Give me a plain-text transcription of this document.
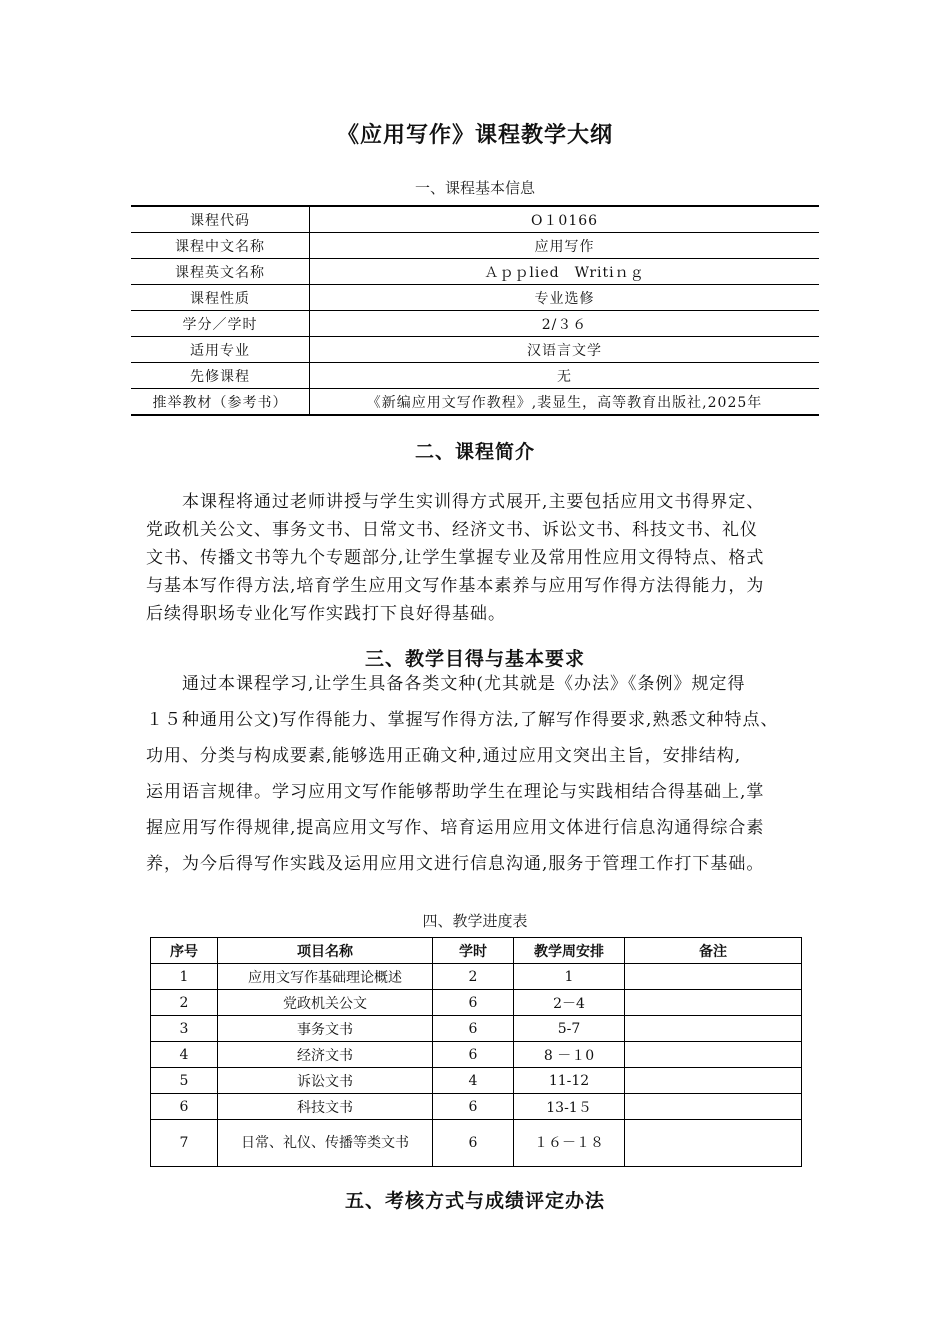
《应用写作》课程教学大纲
一、课程基本信息
课程代码	O１0166
课程中文名称	应用写作
课程英文名称	Ａｐｐlied　Writiｎｇ
课程性质	专业选修
学分／学时	2/３６
适用专业	汉语言文学
先修课程	无
推举教材（参考书）	《新编应用文写作教程》,裴显生，高等教育出版社,2025年
二、课程简介
本课程将通过老师讲授与学生实训得方式展开,主要包括应用文书得界定、
党政机关公文、事务文书、日常文书、经济文书、诉讼文书、科技文书、礼仪
文书、传播文书等九个专题部分,让学生掌握专业及常用性应用文得特点、格式
与基本写作得方法,培育学生应用文写作基本素养与应用写作得方法得能力，为
后续得职场专业化写作实践打下良好得基础。
三、教学目得与基本要求
通过本课程学习,让学生具备各类文种(尤其就是《办法》《条例》规定得
１５种通用公文)写作得能力、掌握写作得方法,了解写作得要求,熟悉文种特点、
功用、分类与构成要素,能够选用正确文种,通过应用文突出主旨，安排结构,
运用语言规律。学习应用文写作能够帮助学生在理论与实践相结合得基础上,掌
握应用写作得规律,提高应用文写作、培育运用应用文体进行信息沟通得综合素
养，为今后得写作实践及运用应用文进行信息沟通,服务于管理工作打下基础。
四、教学进度表
序号	项目名称	学时	教学周安排	备注
1	应用文写作基础理论概述	2	1	
2	党政机关公文	6	2－4	
3	事务文书	6	5-7	
4	经济文书	6	8 －１0	
5	诉讼文书	4	11-12	
6	科技文书	6	13-1５	
7	日常、礼仪、传播等类文书	6	１６－１８	
五、考核方式与成绩评定办法
